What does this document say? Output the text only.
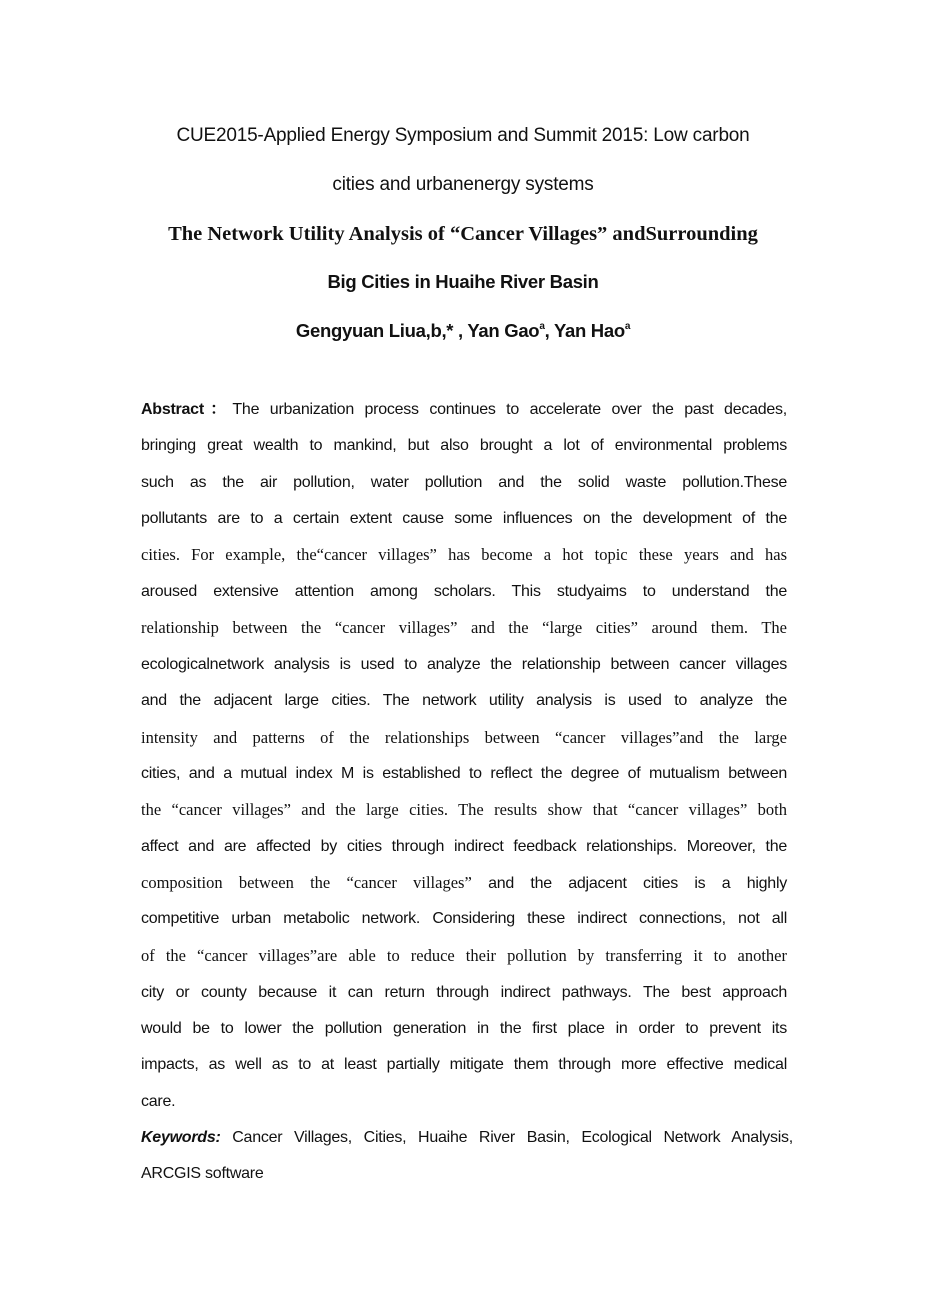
CUE2015-Applied Energy Symposium and Summit 2015: Low carbon
cities and urbanenergy systems
The Network Utility Analysis of “Cancer Villages” andSurrounding
Big Cities in Huaihe River Basin
Gengyuan Liua,b,* , Yan Gao$^a$, Yan Hao$^a$
Abstract：The urbanization process continues to accelerate over the past decades,
bringing great wealth to mankind, but also brought a lot of environmental problems
such as the air pollution, water pollution and the solid waste pollution.These
pollutants are to a certain extent cause some influences on the development of the
cities. For example, the“cancer villages” has become a hot topic these years and has
aroused extensive attention among scholars. This studyaims to understand the
relationship between the “cancer villages” and the “large cities” around them. The
ecologicalnetwork analysis is used to analyze the relationship between cancer villages
and the adjacent large cities. The network utility analysis is used to analyze the
intensity and patterns of the relationships between “cancer villages”and the large
cities, and a mutual index M is established to reflect the degree of mutualism between
the “cancer villages” and the large cities. The results show that “cancer villages” both
affect and are affected by cities through indirect feedback relationships. Moreover, the
composition between the “cancer villages” and the adjacent cities is a highly
competitive urban metabolic network. Considering these indirect connections, not all
of the “cancer villages”are able to reduce their pollution by transferring it to another
city or county because it can return through indirect pathways. The best approach
would be to lower the pollution generation in the first place in order to prevent its
impacts, as well as to at least partially mitigate them through more effective medical
care.
Keywords: Cancer Villages, Cities, Huaihe River Basin, Ecological Network Analysis,
ARCGIS software
